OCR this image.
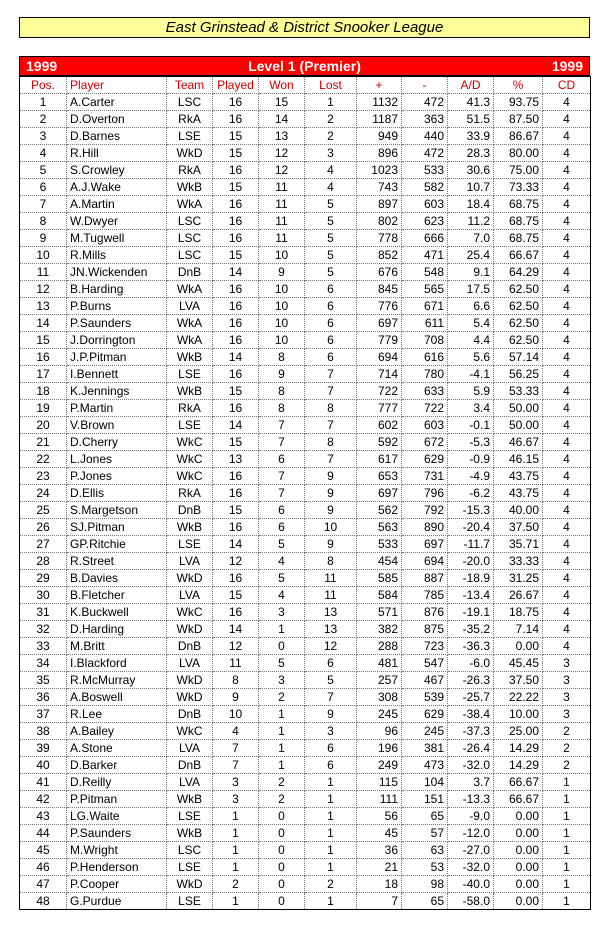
East Grinstead & District Snooker League
1999	Level 1 (Premier)	1999
Pos.	Player	Team	Played	Won	Lost	+	-	A/D	%	CD
1	A.Carter	LSC	16	15	1	1132	472	41.3	93.75	4
2	D.Overton	RkA	16	14	2	1187	363	51.5	87.50	4
3	D.Barnes	LSE	15	13	2	949	440	33.9	86.67	4
4	R.Hill	WkD	15	12	3	896	472	28.3	80.00	4
5	S.Crowley	RkA	16	12	4	1023	533	30.6	75.00	4
6	A.J.Wake	WkB	15	11	4	743	582	10.7	73.33	4
7	A.Martin	WkA	16	11	5	897	603	18.4	68.75	4
8	W.Dwyer	LSC	16	11	5	802	623	11.2	68.75	4
9	M.Tugwell	LSC	16	11	5	778	666	7.0	68.75	4
10	R.Mills	LSC	15	10	5	852	471	25.4	66.67	4
11	JN.Wickenden	DnB	14	9	5	676	548	9.1	64.29	4
12	B.Harding	WkA	16	10	6	845	565	17.5	62.50	4
13	P.Burns	LVA	16	10	6	776	671	6.6	62.50	4
14	P.Saunders	WkA	16	10	6	697	611	5.4	62.50	4
15	J.Dorrington	WkA	16	10	6	779	708	4.4	62.50	4
16	J.P.Pitman	WkB	14	8	6	694	616	5.6	57.14	4
17	I.Bennett	LSE	16	9	7	714	780	-4.1	56.25	4
18	K.Jennings	WkB	15	8	7	722	633	5.9	53.33	4
19	P.Martin	RkA	16	8	8	777	722	3.4	50.00	4
20	V.Brown	LSE	14	7	7	602	603	-0.1	50.00	4
21	D.Cherry	WkC	15	7	8	592	672	-5.3	46.67	4
22	L.Jones	WkC	13	6	7	617	629	-0.9	46.15	4
23	P.Jones	WkC	16	7	9	653	731	-4.9	43.75	4
24	D.Ellis	RkA	16	7	9	697	796	-6.2	43.75	4
25	S.Margetson	DnB	15	6	9	562	792	-15.3	40.00	4
26	SJ.Pitman	WkB	16	6	10	563	890	-20.4	37.50	4
27	GP.Ritchie	LSE	14	5	9	533	697	-11.7	35.71	4
28	R.Street	LVA	12	4	8	454	694	-20.0	33.33	4
29	B.Davies	WkD	16	5	11	585	887	-18.9	31.25	4
30	B.Fletcher	LVA	15	4	11	584	785	-13.4	26.67	4
31	K.Buckwell	WkC	16	3	13	571	876	-19.1	18.75	4
32	D.Harding	WkD	14	1	13	382	875	-35.2	7.14	4
33	M.Britt	DnB	12	0	12	288	723	-36.3	0.00	4
34	I.Blackford	LVA	11	5	6	481	547	-6.0	45.45	3
35	R.McMurray	WkD	8	3	5	257	467	-26.3	37.50	3
36	A.Boswell	WkD	9	2	7	308	539	-25.7	22.22	3
37	R.Lee	DnB	10	1	9	245	629	-38.4	10.00	3
38	A.Bailey	WkC	4	1	3	96	245	-37.3	25.00	2
39	A.Stone	LVA	7	1	6	196	381	-26.4	14.29	2
40	D.Barker	DnB	7	1	6	249	473	-32.0	14.29	2
41	D.Reilly	LVA	3	2	1	115	104	3.7	66.67	1
42	P.Pitman	WkB	3	2	1	111	151	-13.3	66.67	1
43	LG.Waite	LSE	1	0	1	56	65	-9.0	0.00	1
44	P.Saunders	WkB	1	0	1	45	57	-12.0	0.00	1
45	M.Wright	LSC	1	0	1	36	63	-27.0	0.00	1
46	P.Henderson	LSE	1	0	1	21	53	-32.0	0.00	1
47	P.Cooper	WkD	2	0	2	18	98	-40.0	0.00	1
48	G.Purdue	LSE	1	0	1	7	65	-58.0	0.00	1
